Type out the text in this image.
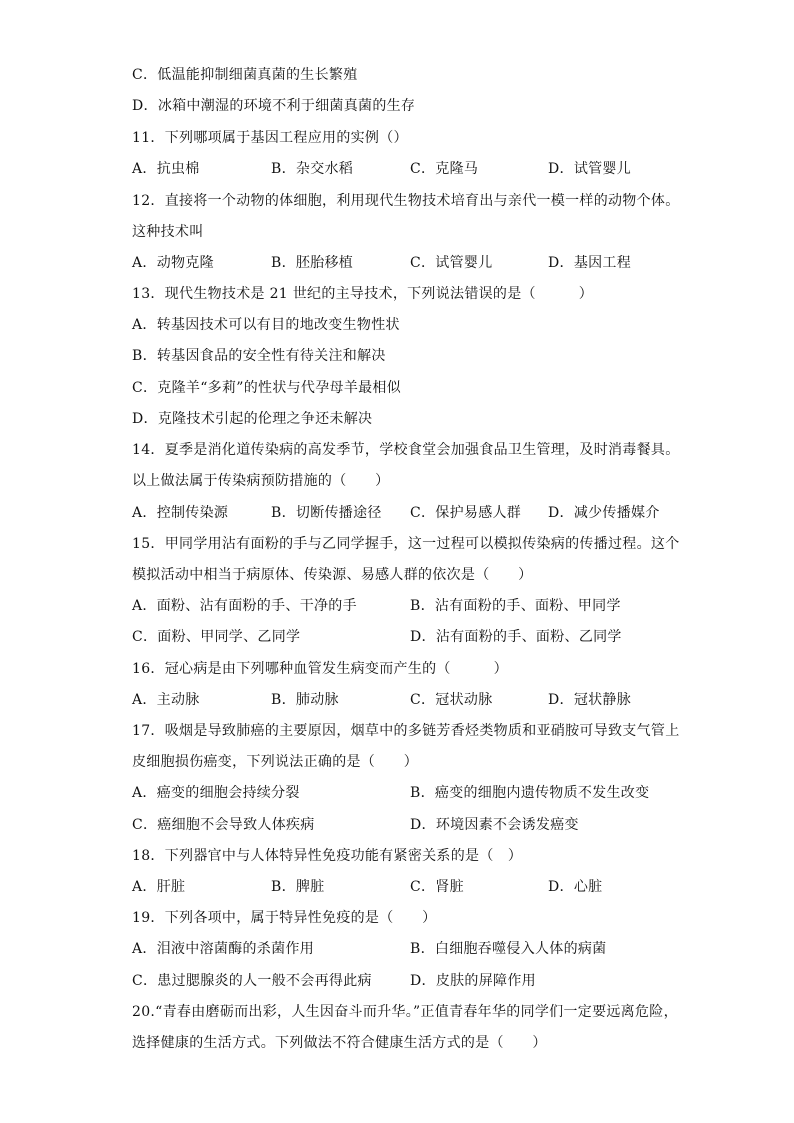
C．低温能抑制细菌真菌的生长繁殖
D．冰箱中潮湿的环境不利于细菌真菌的生存
11．下列哪项属于基因工程应用的实例（）
A．抗虫棉	B．杂交水稻	C．克隆马	D．试管婴儿
12．直接将一个动物的体细胞，利用现代生物技术培育出与亲代一模一样的动物个体。
这种技术叫
A．动物克隆	B．胚胎移植	C．试管婴儿	D．基因工程
13．现代生物技术是 21 世纪的主导技术，下列说法错误的是（　　　）
A．转基因技术可以有目的地改变生物性状
B．转基因食品的安全性有待关注和解决
C．克隆羊“多莉”的性状与代孕母羊最相似
D．克隆技术引起的伦理之争还未解决
14．夏季是消化道传染病的高发季节，学校食堂会加强食品卫生管理，及时消毒餐具。
以上做法属于传染病预防措施的（　　）
A．控制传染源	B．切断传播途径 C．保护易感人群 D．减少传播媒介
15．甲同学用沾有面粉的手与乙同学握手，这一过程可以模拟传染病的传播过程。这个
模拟活动中相当于病原体、传染源、易感人群的依次是（　　）
A．面粉、沾有面粉的手、干净的手	B．沾有面粉的手、面粉、甲同学
C．面粉、甲同学、乙同学	D．沾有面粉的手、面粉、乙同学
16．冠心病是由下列哪种血管发生病变而产生的（　　　）
A．主动脉	B．肺动脉	C．冠状动脉	D．冠状静脉
17．吸烟是导致肺癌的主要原因，烟草中的多链芳香烃类物质和亚硝胺可导致支气管上
皮细胞损伤癌变，下列说法正确的是（　　）
A．癌变的细胞会持续分裂	B．癌变的细胞内遗传物质不发生改变
C．癌细胞不会导致人体疾病	D．环境因素不会诱发癌变
18．下列器官中与人体特异性免疫功能有紧密关系的是（　）
A．肝脏	B．脾脏	C．肾脏	D．心脏
19．下列各项中，属于特异性免疫的是（　　）
A．泪液中溶菌酶的杀菌作用	B．白细胞吞噬侵入人体的病菌
C．患过腮腺炎的人一般不会再得此病	D．皮肤的屏障作用
20.“青春由磨砺而出彩，人生因奋斗而升华。”正值青春年华的同学们一定要远离危险，
选择健康的生活方式。下列做法不符合健康生活方式的是（　　）
